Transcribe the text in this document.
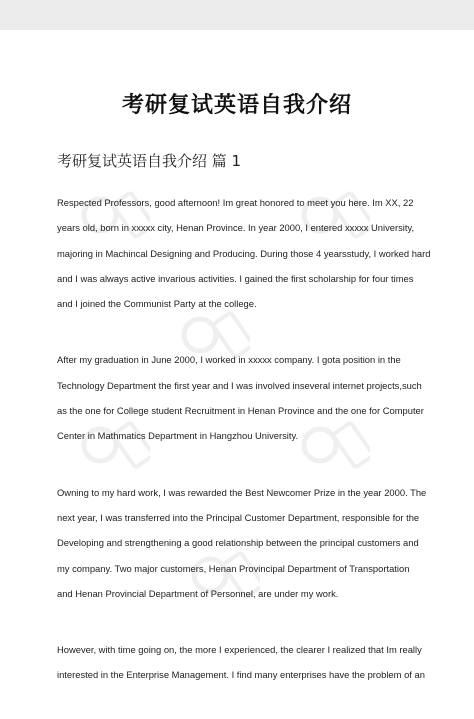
考研复试英语自我介绍
考研复试英语自我介绍 篇 1

Respected Professors, good afternoon! Im great honored to meet you here. Im XX, 22
years old, born in xxxxx city, Henan Province. In year 2000, I entered xxxxx University,
majoring in Machincal Designing and Producing. During those 4 yearsstudy, I worked hard
and I was always active invarious activities. I gained the first scholarship for four times
and I joined the Communist Party at the college.

After my graduation in June 2000, I worked in xxxxx company. I gota position in the
Technology Department the first year and I was involved inseveral internet projects,such
as the one for College student Recruitment in Henan Province and the one for Computer
Center in Mathmatics Department in Hangzhou University.

Owning to my hard work, I was rewarded the Best Newcomer Prize in the year 2000. The
next year, I was transferred into the Principal Customer Department, responsible for the
Developing and strengthening a good relationship between the principal customers and
my company. Two major customers, Henan Provincipal Department of Transportation
and Henan Provincial Department of Personnel, are under my work.

However, with time going on, the more I experienced, the clearer I realized that Im really
interested in the Enterprise Management. I find many enterprises have the problem of an
